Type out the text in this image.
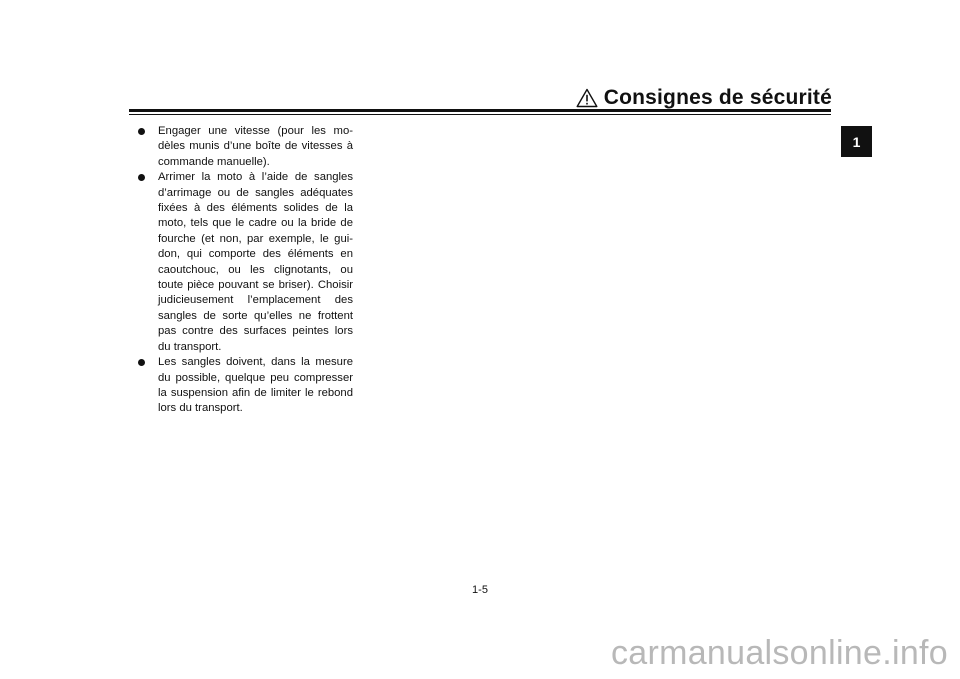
Consignes de sécurité
1
Engager une vitesse (pour les mo-dèles munis d’une boîte de vitesses à commande manuelle).
Arrimer la moto à l’aide de sangles d’arrimage ou de sangles adéquates fixées à des éléments solides de la moto, tels que le cadre ou la bride de fourche (et non, par exemple, le gui-don, qui comporte des éléments en caoutchouc, ou les clignotants, ou toute pièce pouvant se briser). Choisir judicieusement l’emplacement des sangles de sorte qu’elles ne frottent pas contre des surfaces peintes lors du transport.
Les sangles doivent, dans la mesure du possible, quelque peu compresser la suspension afin de limiter le rebond lors du transport.
1-5
carmanualsonline.info
